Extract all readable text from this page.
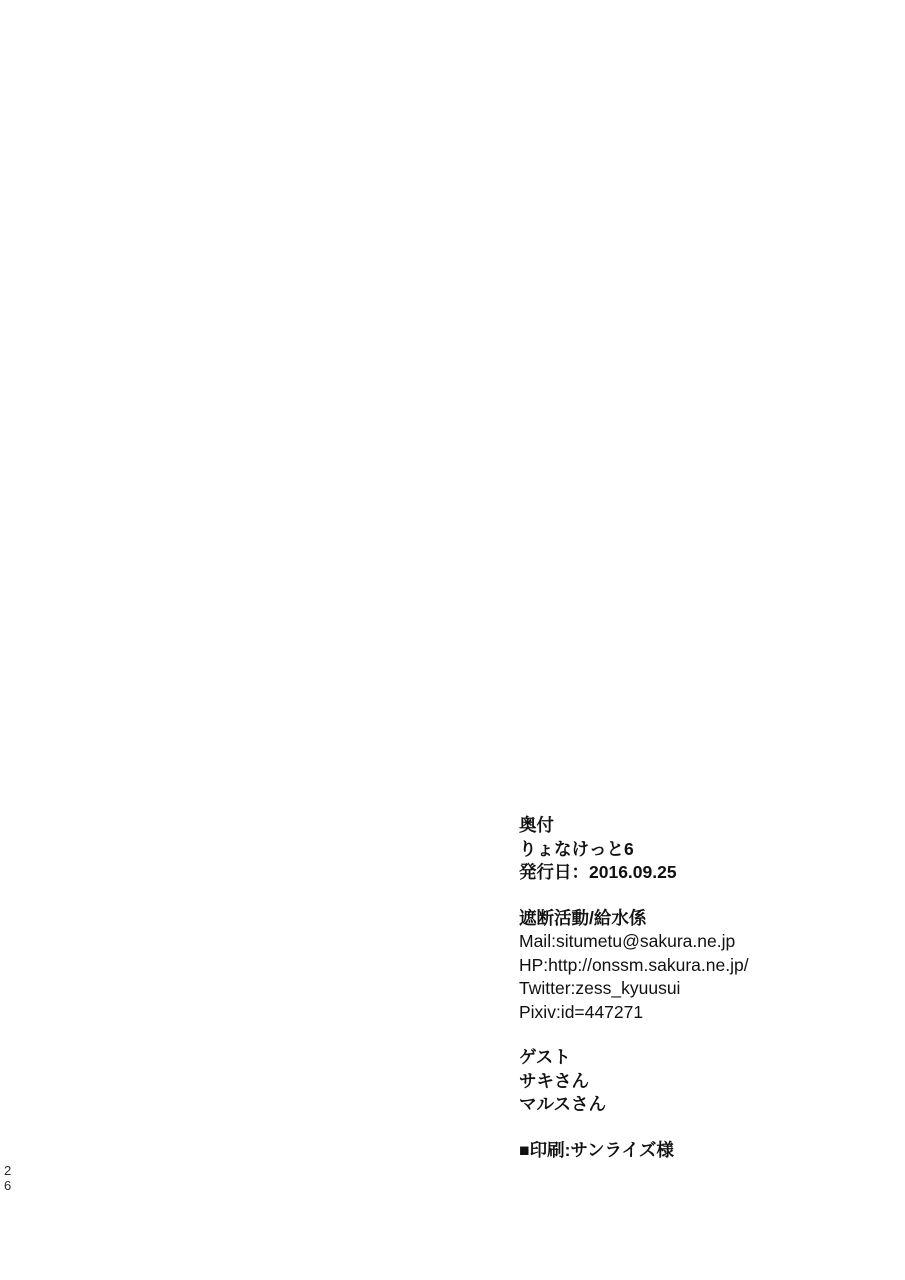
2
6
奥付
りょなけっと6
発行日：2016.09.25
遮断活動/給水係
Mail:situmetu@sakura.ne.jp
HP:http://onssm.sakura.ne.jp/
Twitter:zess_kyuusui
Pixiv:id=447271
ゲスト
サキさん
マルスさん
■印刷:サンライズ様
